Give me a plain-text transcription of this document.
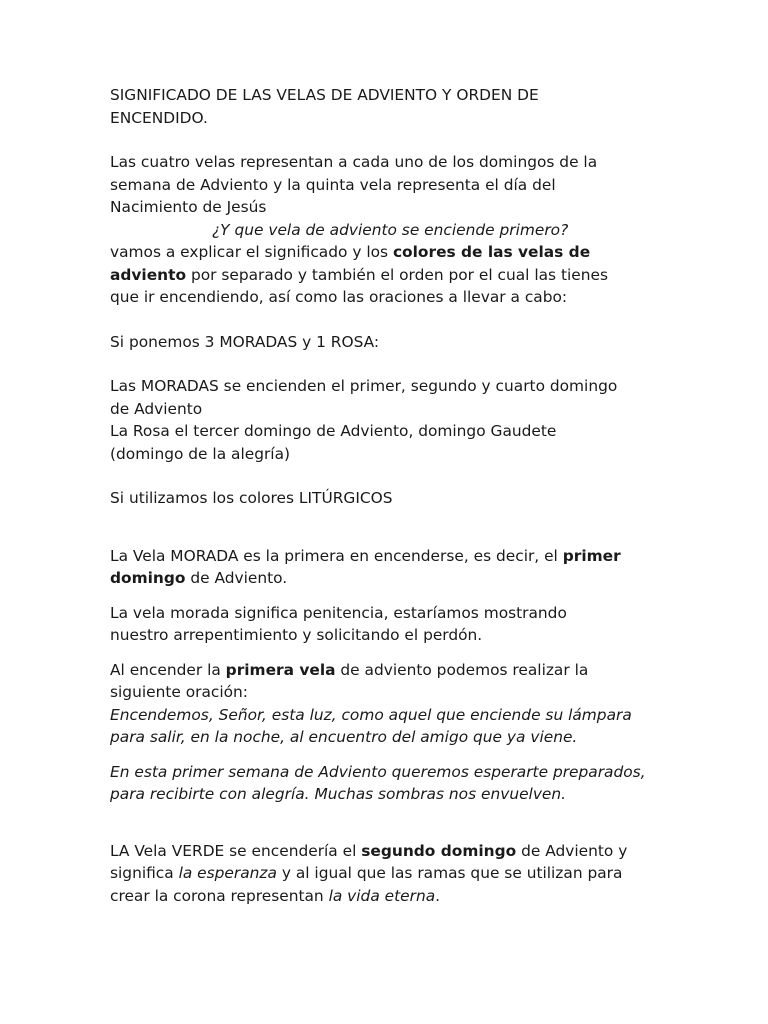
SIGNIFICADO DE LAS VELAS DE ADVIENTO Y ORDEN DE
ENCENDIDO.

Las cuatro velas representan a cada uno de los domingos de la
semana de Adviento y la quinta vela representa el día del
Nacimiento de Jesús
¿Y que vela de adviento se enciende primero?
vamos a explicar el significado y los colores de las velas de
adviento por separado y también el orden por el cual las tienes
que ir encendiendo, así como las oraciones a llevar a cabo:

Si ponemos 3 MORADAS y 1 ROSA:

Las MORADAS se encienden el primer, segundo y cuarto domingo
de Adviento
La Rosa el tercer domingo de Adviento, domingo Gaudete
(domingo de la alegría)

Si utilizamos los colores LITÚRGICOS

La Vela MORADA es la primera en encenderse, es decir, el primer
domingo de Adviento.

La vela morada significa penitencia, estaríamos mostrando
nuestro arrepentimiento y solicitando el perdón.

Al encender la primera vela de adviento podemos realizar la
siguiente oración:
Encendemos, Señor, esta luz, como aquel que enciende su lámpara
para salir, en la noche, al encuentro del amigo que ya viene.

En esta primer semana de Adviento queremos esperarte preparados,
para recibirte con alegría. Muchas sombras nos envuelven.

LA Vela VERDE se encendería el segundo domingo de Adviento y
significa la esperanza y al igual que las ramas que se utilizan para
crear la corona representan la vida eterna.
